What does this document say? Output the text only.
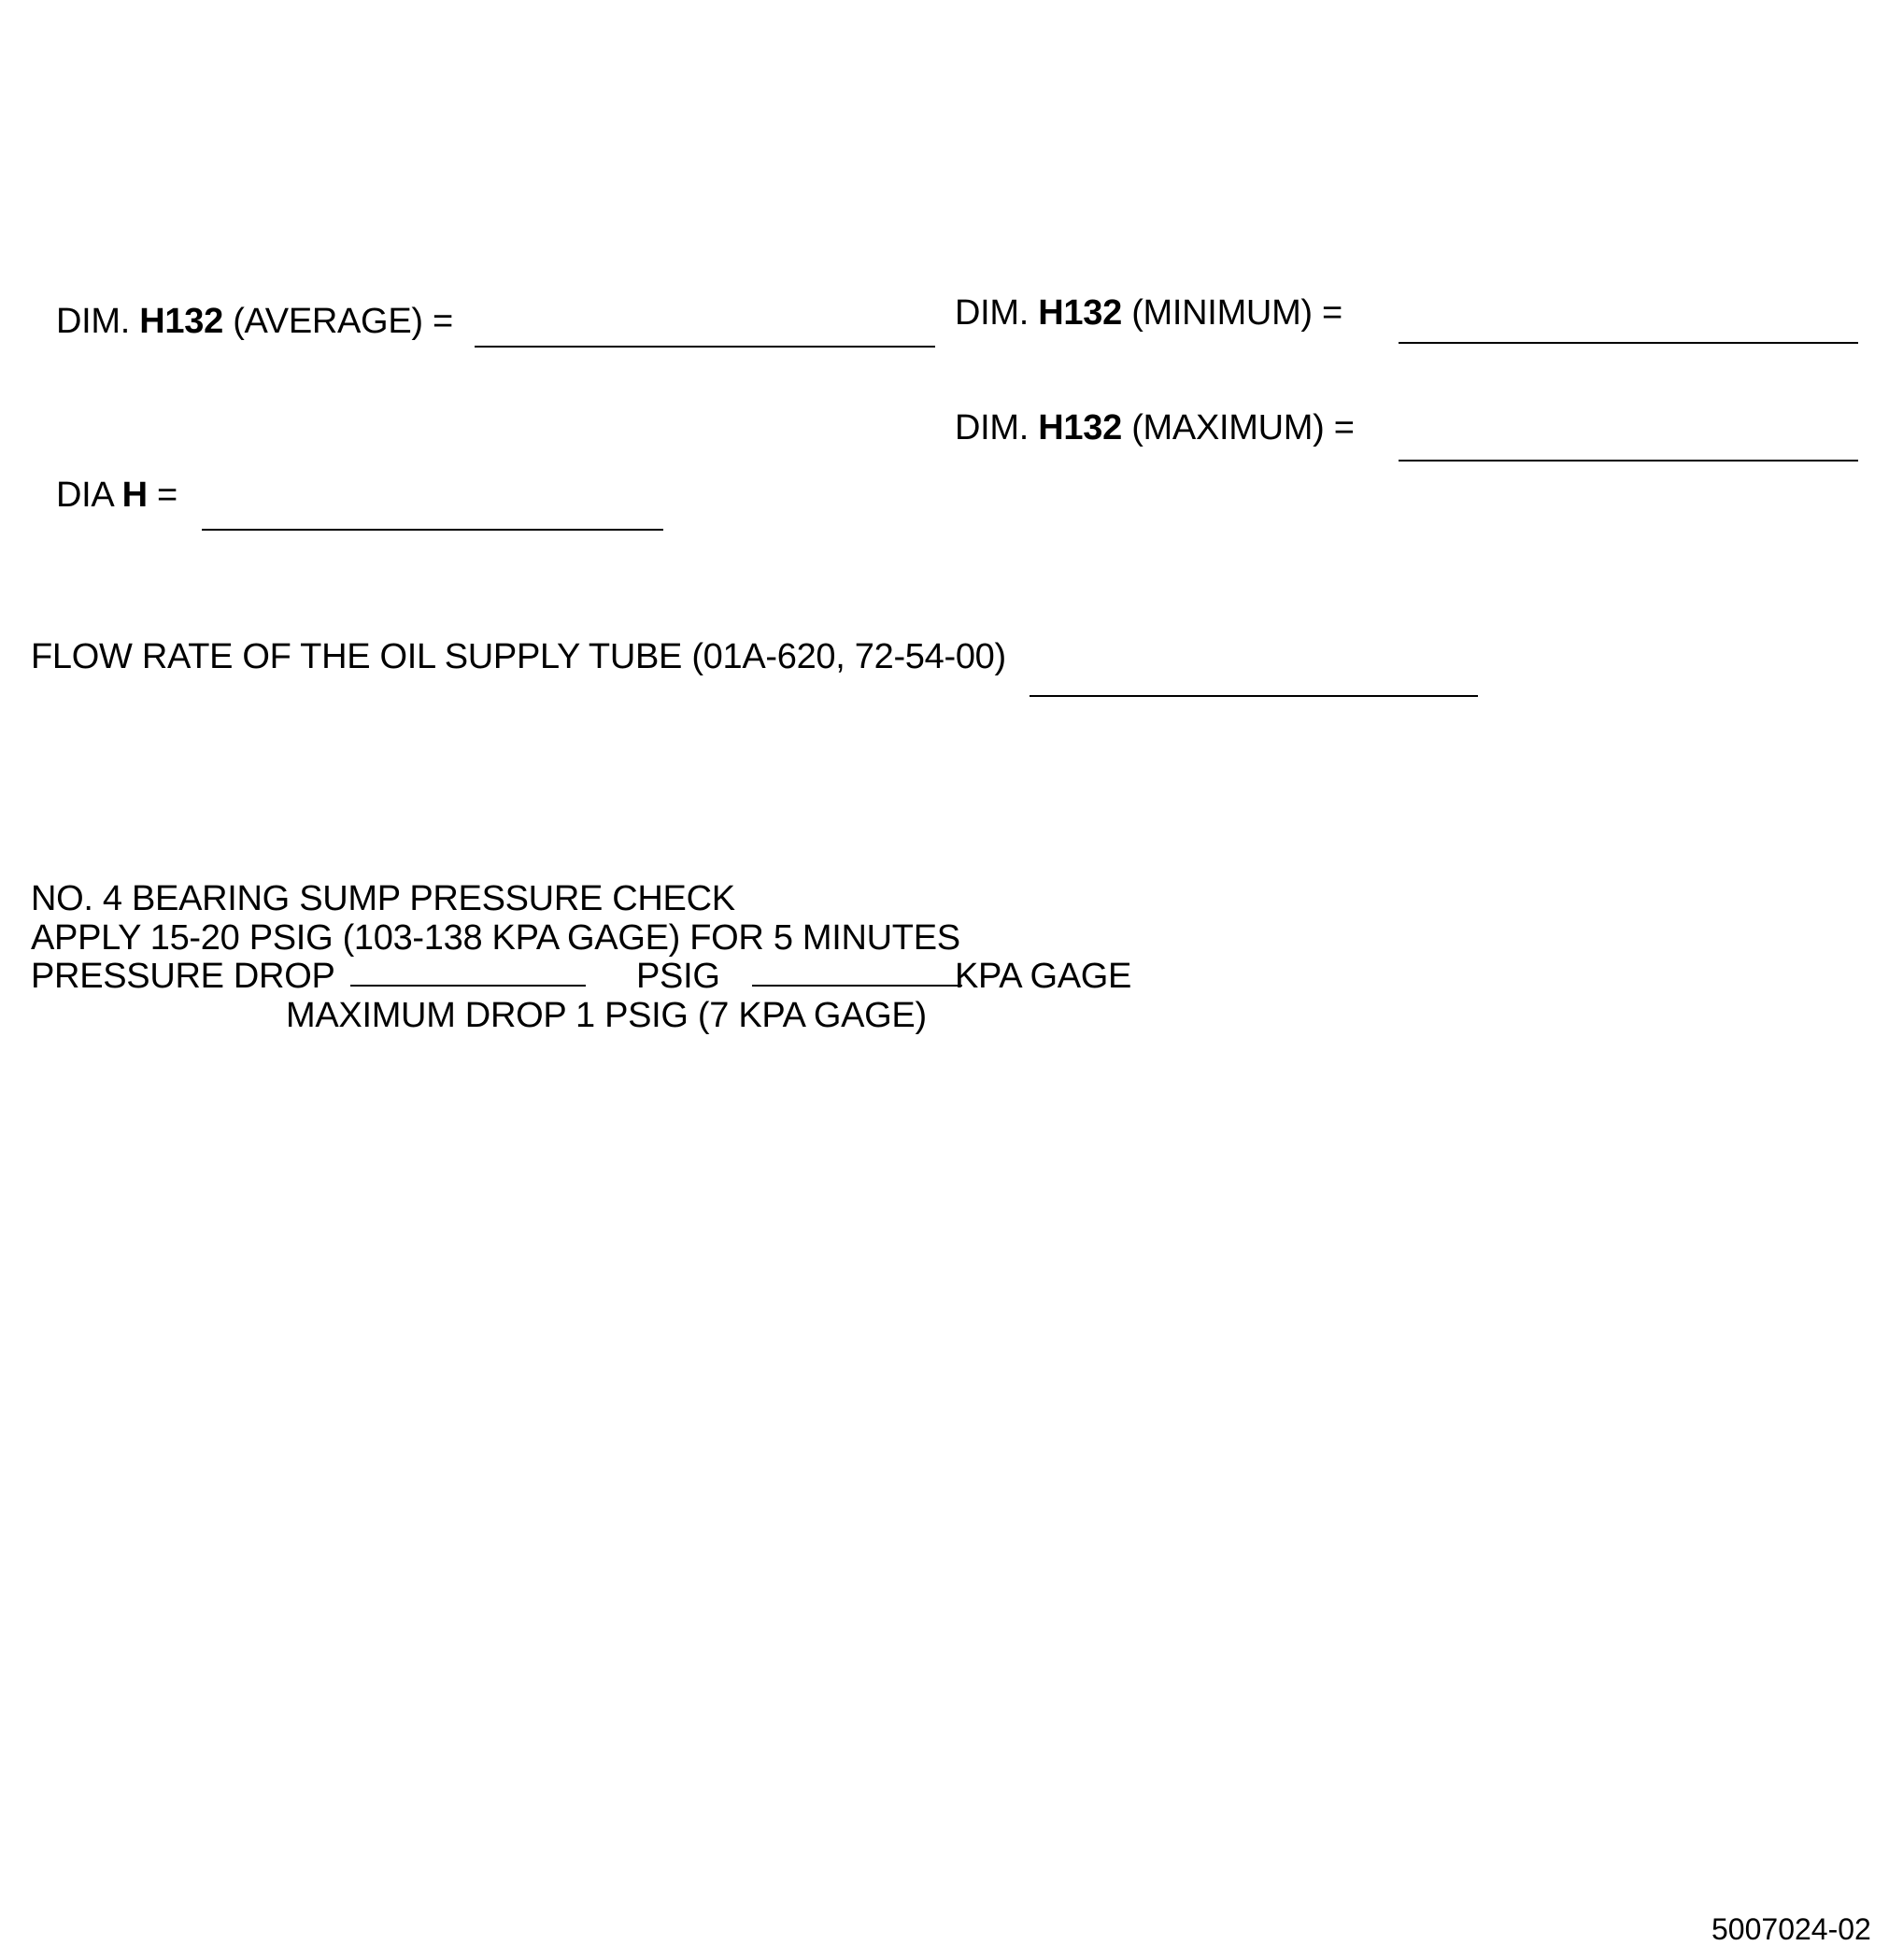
DIM. H132 (AVERAGE) =	DIM. H132 (MINIMUM) =
DIM. H132 (MAXIMUM) =
DIA H =
FLOW RATE OF THE OIL SUPPLY TUBE (01A-620, 72-54-00)
NO. 4 BEARING SUMP PRESSURE CHECK
APPLY 15-20 PSIG (103-138 KPA GAGE) FOR 5 MINUTES
PRESSURE DROP	PSIG	KPA GAGE
MAXIMUM DROP 1 PSIG (7 KPA GAGE)
5007024-02
